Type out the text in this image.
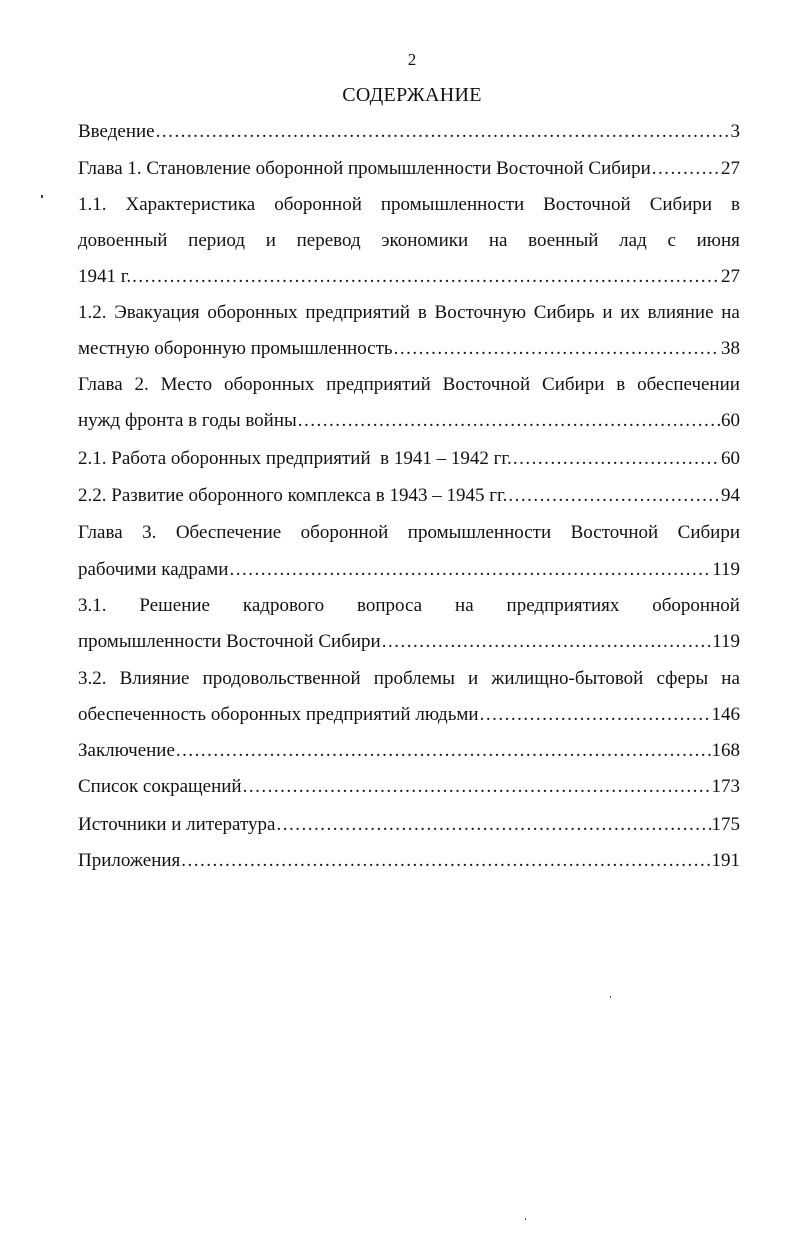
2
СОДЕРЖАНИЕ
Введение .....	3
Глава 1. Становление оборонной промышленности Восточной Сибири .....	27
1.1. Характеристика оборонной промышленности Восточной Сибири в
довоенный период и перевод экономики на военный лад с июня
1941 г. .....	27
1.2. Эвакуация оборонных предприятий в Восточную Сибирь и их влияние на
местную оборонную промышленность .....	38
Глава 2. Место оборонных предприятий Восточной Сибири в обеспечении
нужд фронта в годы войны .....	60
2.1. Работа оборонных предприятий  в 1941 – 1942 гг. .....	60
2.2. Развитие оборонного комплекса в 1943 – 1945 гг. .....	94
Глава 3. Обеспечение оборонной промышленности Восточной Сибири
рабочими кадрами .....	119
3.1. Решение кадрового вопроса на предприятиях оборонной
промышленности Восточной Сибири .....	119
3.2. Влияние продовольственной проблемы и жилищно-бытовой сферы на
обеспеченность оборонных предприятий людьми .....	146
Заключение .....	168
Список сокращений .....	173
Источники и литература .....	175
Приложения .....	191
